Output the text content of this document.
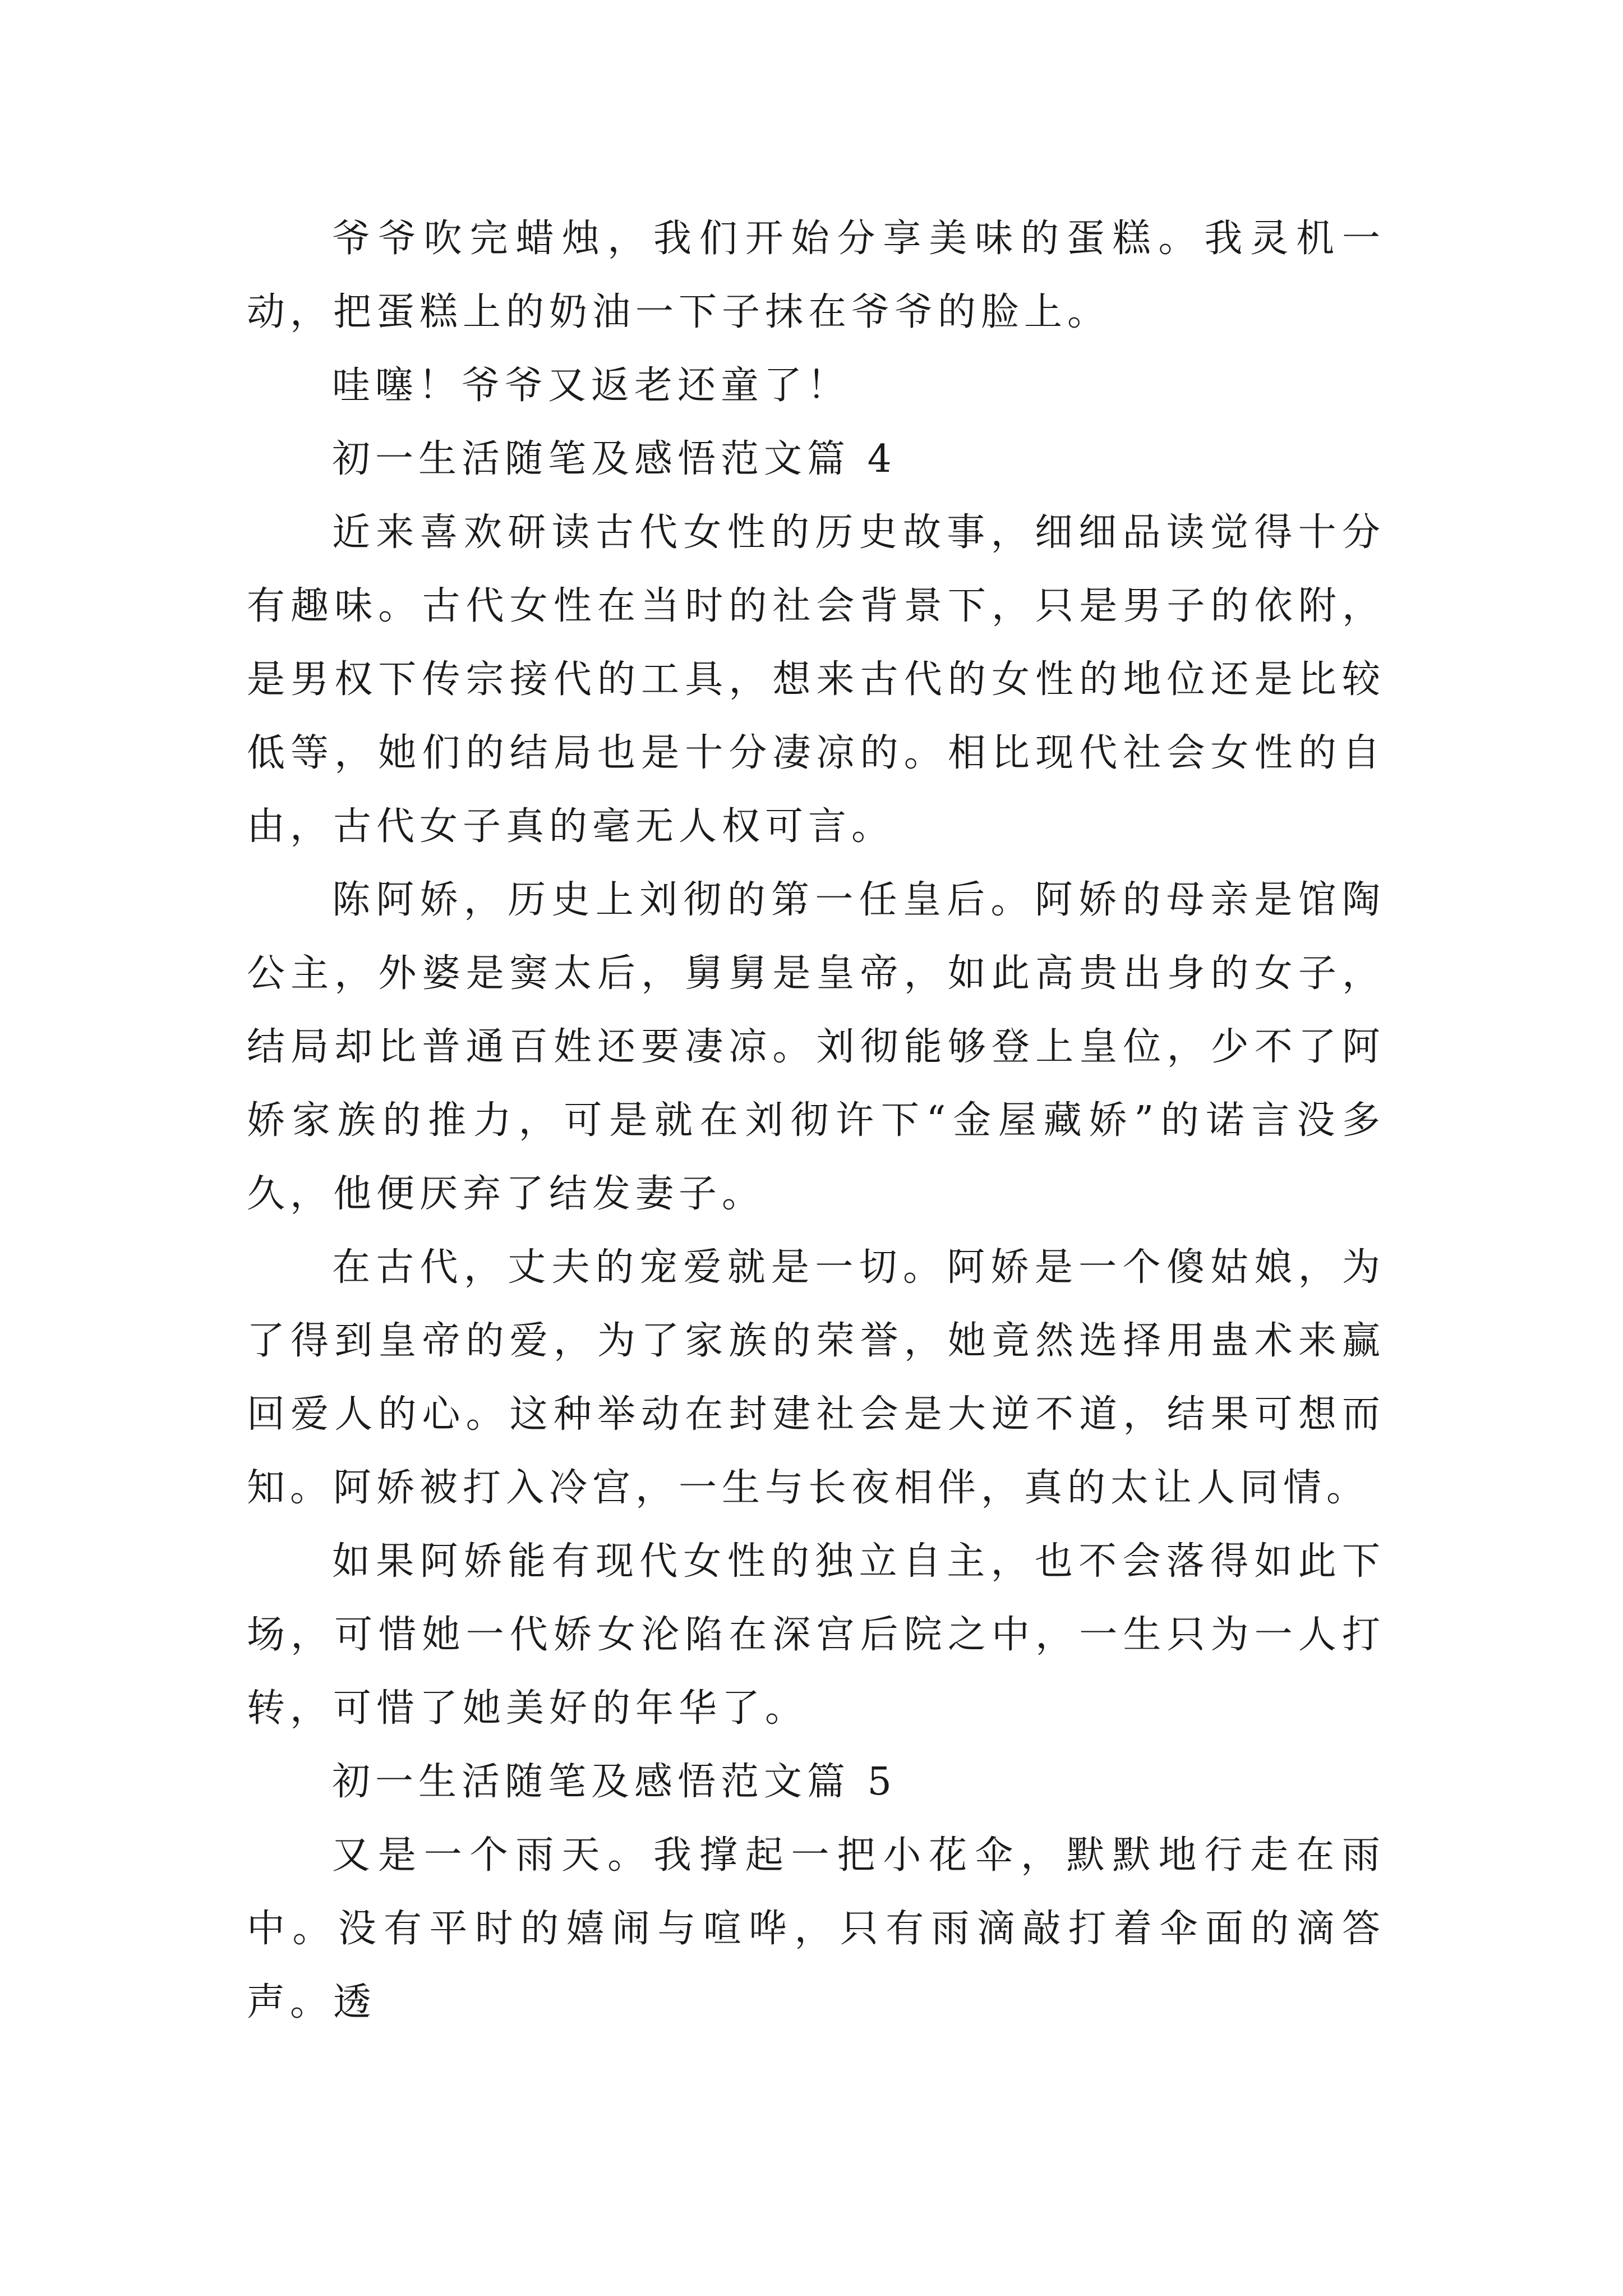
爷爷吹完蜡烛，我们开始分享美味的蛋糕。我灵机一动，把蛋糕上的奶油一下子抹在爷爷的脸上。

哇噻！爷爷又返老还童了！

初一生活随笔及感悟范文篇 4

近来喜欢研读古代女性的历史故事，细细品读觉得十分有趣味。古代女性在当时的社会背景下，只是男子的依附，是男权下传宗接代的工具，想来古代的女性的地位还是比较低等，她们的结局也是十分凄凉的。相比现代社会女性的自由，古代女子真的毫无人权可言。

陈阿娇，历史上刘彻的第一任皇后。阿娇的母亲是馆陶公主，外婆是窦太后，舅舅是皇帝，如此高贵出身的女子，结局却比普通百姓还要凄凉。刘彻能够登上皇位，少不了阿娇家族的推力，可是就在刘彻许下“金屋藏娇”的诺言没多久，他便厌弃了结发妻子。

在古代，丈夫的宠爱就是一切。阿娇是一个傻姑娘，为了得到皇帝的爱，为了家族的荣誉，她竟然选择用蛊术来赢回爱人的心。这种举动在封建社会是大逆不道，结果可想而知。阿娇被打入冷宫，一生与长夜相伴，真的太让人同情。

如果阿娇能有现代女性的独立自主，也不会落得如此下场，可惜她一代娇女沦陷在深宫后院之中，一生只为一人打转，可惜了她美好的年华了。

初一生活随笔及感悟范文篇 5

又是一个雨天。我撑起一把小花伞，默默地行走在雨中。没有平时的嬉闹与喧哗，只有雨滴敲打着伞面的滴答声。透
